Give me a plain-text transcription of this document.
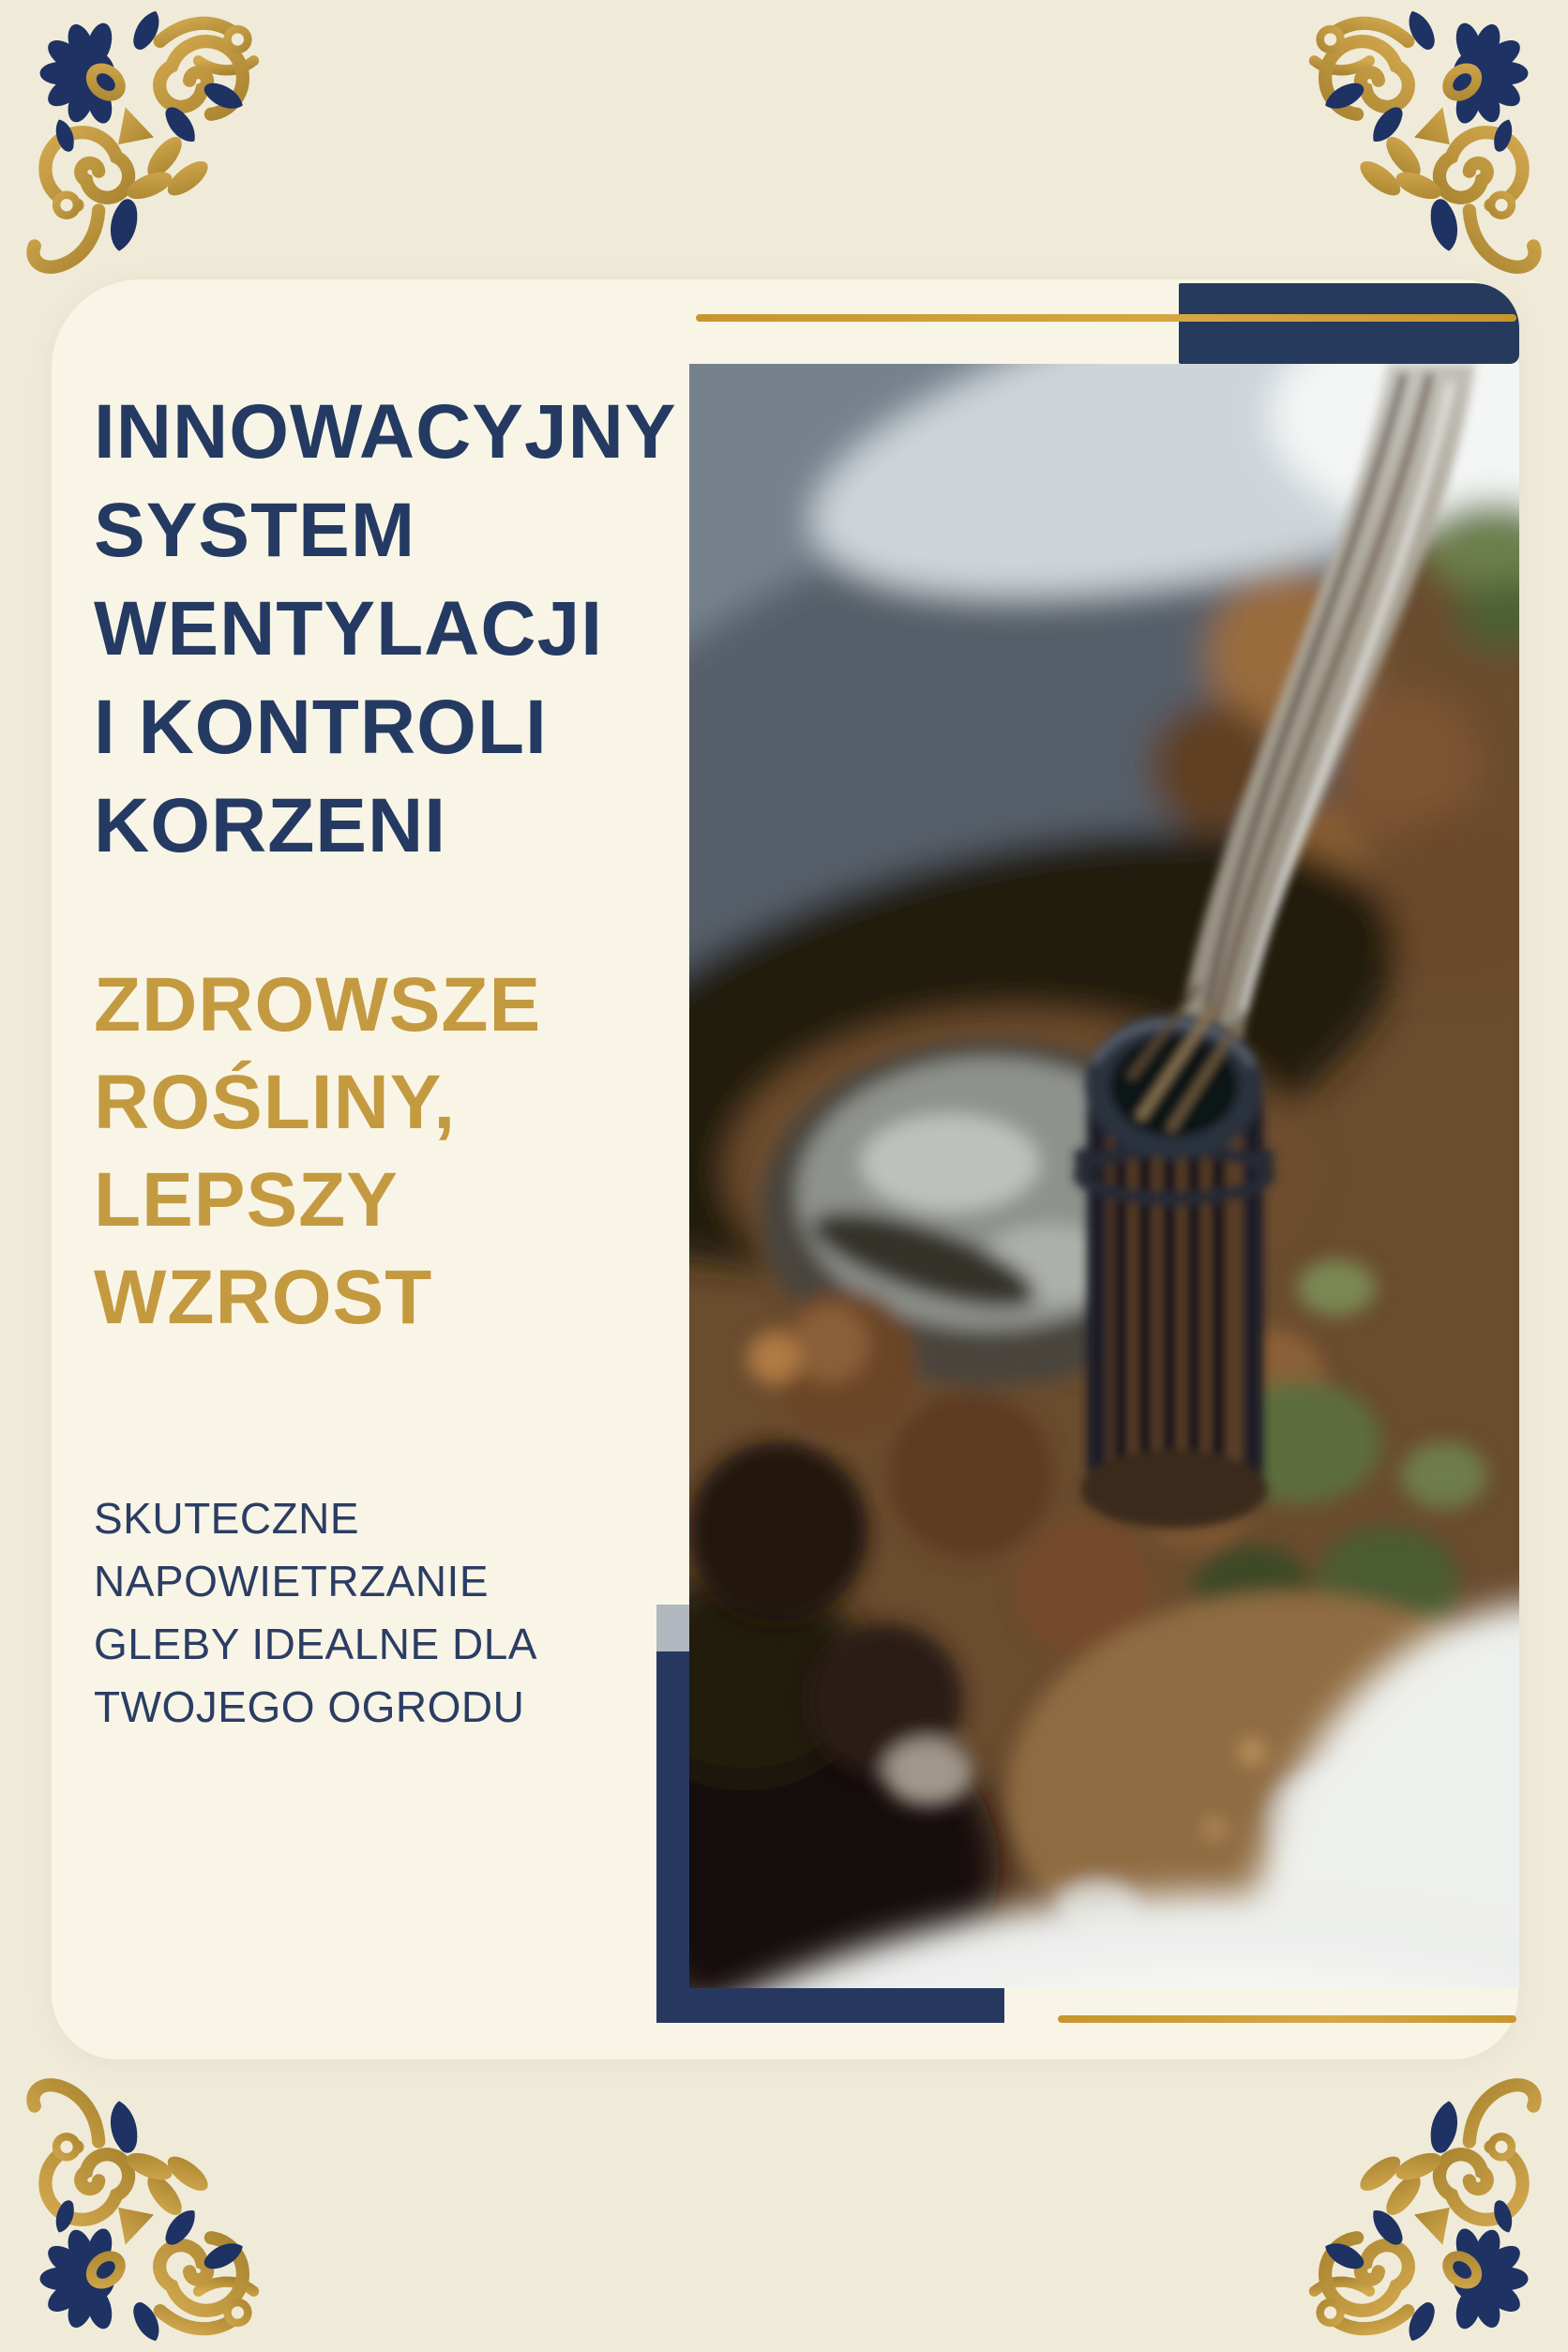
INNOWACYJNY
SYSTEM
WENTYLACJI
I KONTROLI
KORZENI
ZDROWSZE
ROŚLINY,
LEPSZY
WZROST
SKUTECZNE
NAPOWIETRZANIE
GLEBY IDEALNE DLA
TWOJEGO OGRODU
